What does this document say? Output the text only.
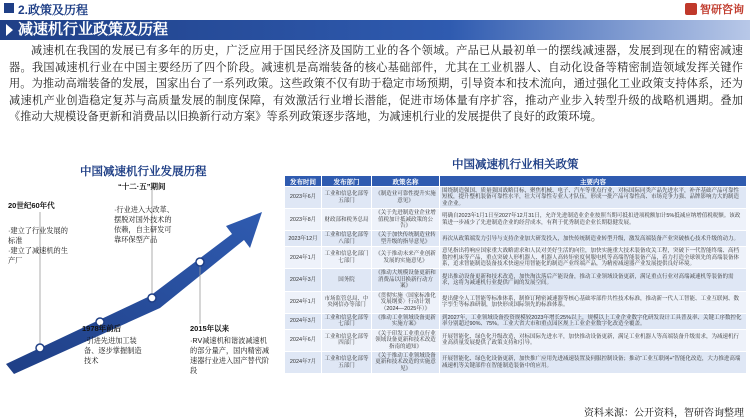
2.政策及历程	智研咨询
减速机行业政策及历程
减速机在我国的发展已有多年的历史，广泛应用于国民经济及国防工业的各个领域。产品已从最初单一的摆线减速器，发展到现在的精密减速器。我国减速机行业在中国主要经历了四个阶段。减速机是高端装备的核心基础部件，尤其在工业机器人、自动化设备等精密制造领域发挥关键作用。为推动高端装备的发展，国家出台了一系列政策。这些政策不仅有助于稳定市场预期，引导资本和技术流向，通过强化工业政策支持体系，还为减速机产业创造稳定复苏与高质量发展的制度保障，有效激活行业增长潜能，促进市场体量有序扩容，推动产业步入转型升级的战略机遇期。叠加《推动大规模设备更新和消费品以旧换新行动方案》等系列政策逐步落地，为减速机行业的发展提供了良好的政策环境。
中国减速机行业发展历程
20世纪60年代
·建立了行业发展的标准
·建立了减速机的生产厂
“十二·五”期间
·行业进入大改革、摆脱对国外技术的依赖，自主研发可靠环保型产品
1978年前后
·引进先进加工装备、逐步掌握制造技术
2015年以来
·RV减速机和谐波减速机的部分量产，国内精密减速器行业进入国产替代阶段
中国减速机行业相关政策
发布时间	发布部门	政策名称	主要内容
2023年6月	工业和信息化部等五部门	《制造业可靠性提升实施意见》	围绕制造强国、质量强国战略目标，聚焦机械、电子、汽车等重点行业，对标国际同类产品先进水平，补齐基础产品可靠性短板，提升整机装备可靠性水平，壮大可靠性专业人才队伍，形成一批产品可靠性高、市场竞争力强、品牌影响力大的制造业企业。
2023年8月	财政部和税务总局	《关于先进制造业企业增值税加计抵减政策的公告》	明确自2023年1月1日至2027年12月31日，允许先进制造业企业按照当期可抵扣进项税额加计5%抵减应纳增值税税额。该政策进一步减少了先进制造企业的经营成本，有利于优秀制造企业长期稳健发展。
2023年12月	工业和信息化部等八部门	《关于加快传统制造业转型升级的指导意见》	再次从政策端发力引导与支持企业加大研发投入，加快传统制造业转型升级，激发高端装备产业突破核心技术升级的动力。
2024年1月	工业和信息化部门七部门	《关于推动未来产业创新发展的实施意见》	意见指出将响应国家重大战略需求和人民对美好生活的向往，加快实施重大技术装备攻关工程，突破下一代智能终端、高档数控机床等产品，重点突破人形机器人、机器人高转矩密度伺服电机等高端智能装备产品，着力打造全球领先的高端装备体系，追求智能制造装备技术快速应用智能化的制造产业终端产品，为精密减速器产业发展提供良好环境。
2024年3月	国务院	《推动大规模设备更新和消费品以旧换新行动方案》	提出推动设备更新和技术改造，加快淘汰落后产能设备，推动工业领域设备更新，满足重点行业对高端减速机等装备的需求，这将为减速机行业提供广阔的发展空间。
2024年1月	市场监管总局、中央网信办等部门	《贯彻实施〈国家标准化发展纲要〉行动计划（2024—2025年）》	提出健全人工智能等标准体系，制修订精密减速器等核心基础零部件共性技术标准，推动新一代人工智能、工业互联网、数字孪生等标准研制，加快形成国际领先的标准体系。
2024年3月	工业和信息化部等七部门	《推动工业领域设备更新实施方案》	到2027年，工业领域设备投资规模较2023年增长25%以上，规模以上工业企业数字化研发设计工具普及率、关键工序数控化率分别超过90%、75%。工业大省大市和重点园区规上工业企业数字化改造全覆盖。
2024年6月	工业和信息化部等四部门	《关于印发工业重点行业领域设备更新和技术改造指南的通知》	开展智能化、绿色化升级改造，对标国际先进水平，加快推动设备更新，满足工业机器人等高端装备升级需求，为减速机行业高质量发展提供了政策支持和引导。
2024年7月	工业和信息化部等五部门	《关于推动工业领域设备更新和技术改造的实施意见》	开展智能化、绿色化设备更新，加快推广应用先进减速装置及伺服控制设备；推动“工业互联网+”智能化改造，大力推进高端减速机等关键部件在智能制造装备中的应用。
资料来源：公开资料，智研咨询整理
